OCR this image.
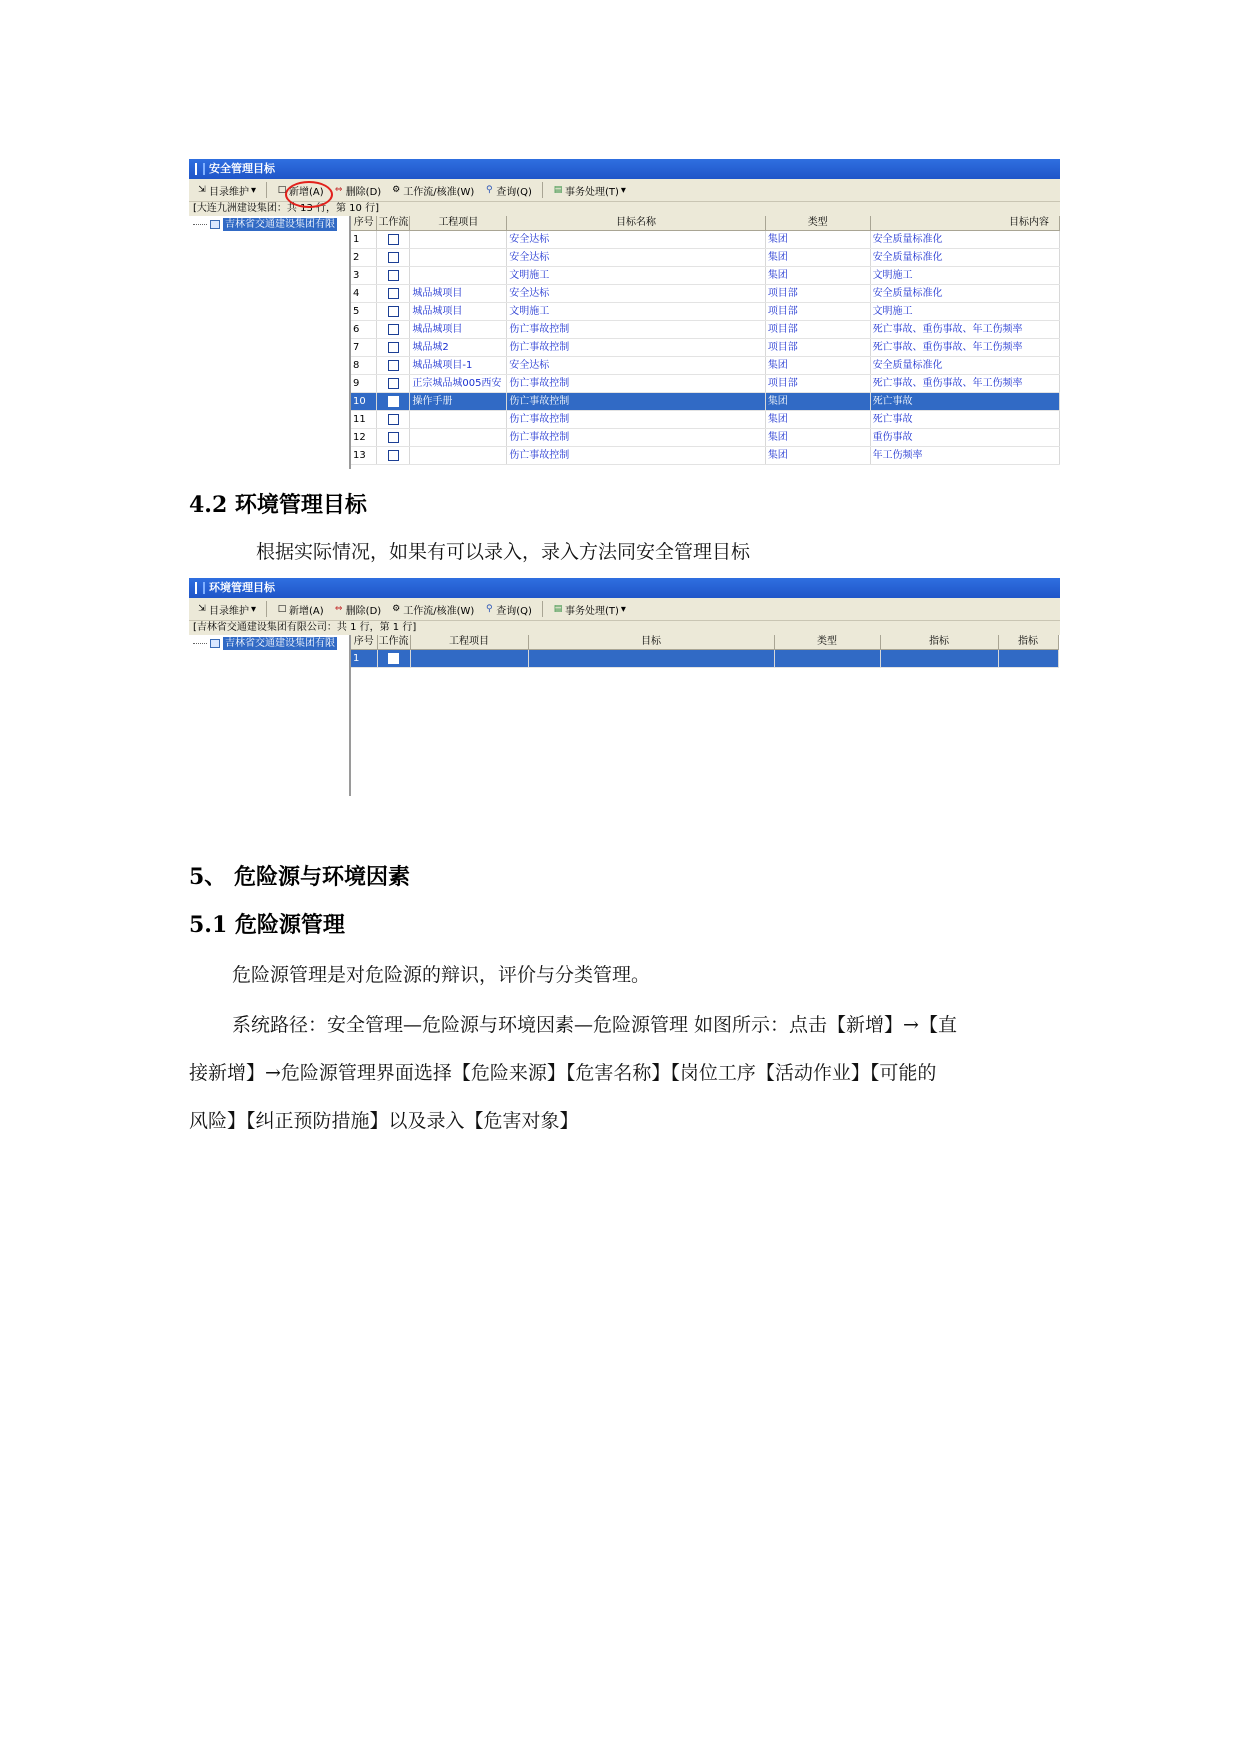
安全管理目标
⇲ 目录维护 ▾ □ 新增(A) ⇔ 删除(D) ⚙ 工作流/核准(W) ⚲ 查询(Q) ▤ 事务处理(T) ▾
[大连九洲建设集团：共 13 行，第 10 行]
吉林省交通建设集团有限 序号	工作流	工程项目	目标名称	类型	目标内容
1			安全达标	集团	安全质量标准化
2			安全达标	集团	安全质量标准化
3			文明施工	集团	文明施工
4		城品城项目	安全达标	项目部	安全质量标准化
5		城品城项目	文明施工	项目部	文明施工
6		城品城项目	伤亡事故控制	项目部	死亡事故、重伤事故、年工伤频率
7		城品城2	伤亡事故控制	项目部	死亡事故、重伤事故、年工伤频率
8		城品城项目-1	安全达标	集团	安全质量标准化
9		正宗城品城005西安	伤亡事故控制	项目部	死亡事故、重伤事故、年工伤频率
10		操作手册	伤亡事故控制	集团	死亡事故
11			伤亡事故控制	集团	死亡事故
12			伤亡事故控制	集团	重伤事故
13			伤亡事故控制	集团	年工伤频率
4.2 环境管理目标
根据实际情况，如果有可以录入，录入方法同安全管理目标
环境管理目标
⇲ 目录维护 ▾ □ 新增(A) ⇔ 删除(D) ⚙ 工作流/核准(W) ⚲ 查询(Q) ▤ 事务处理(T) ▾
[吉林省交通建设集团有限公司：共 1 行，第 1 行]
吉林省交通建设集团有限 序号	工作流	工程项目	目标	类型	指标	指标
1						
5、 危险源与环境因素
5.1 危险源管理
危险源管理是对危险源的辩识，评价与分类管理。
系统路径：安全管理—危险源与环境因素—危险源管理 如图所示：点击【新增】→【直
接新增】→危险源管理界面选择【危险来源】【危害名称】【岗位工序【活动作业】【可能的
风险】【纠正预防措施】以及录入【危害对象】
